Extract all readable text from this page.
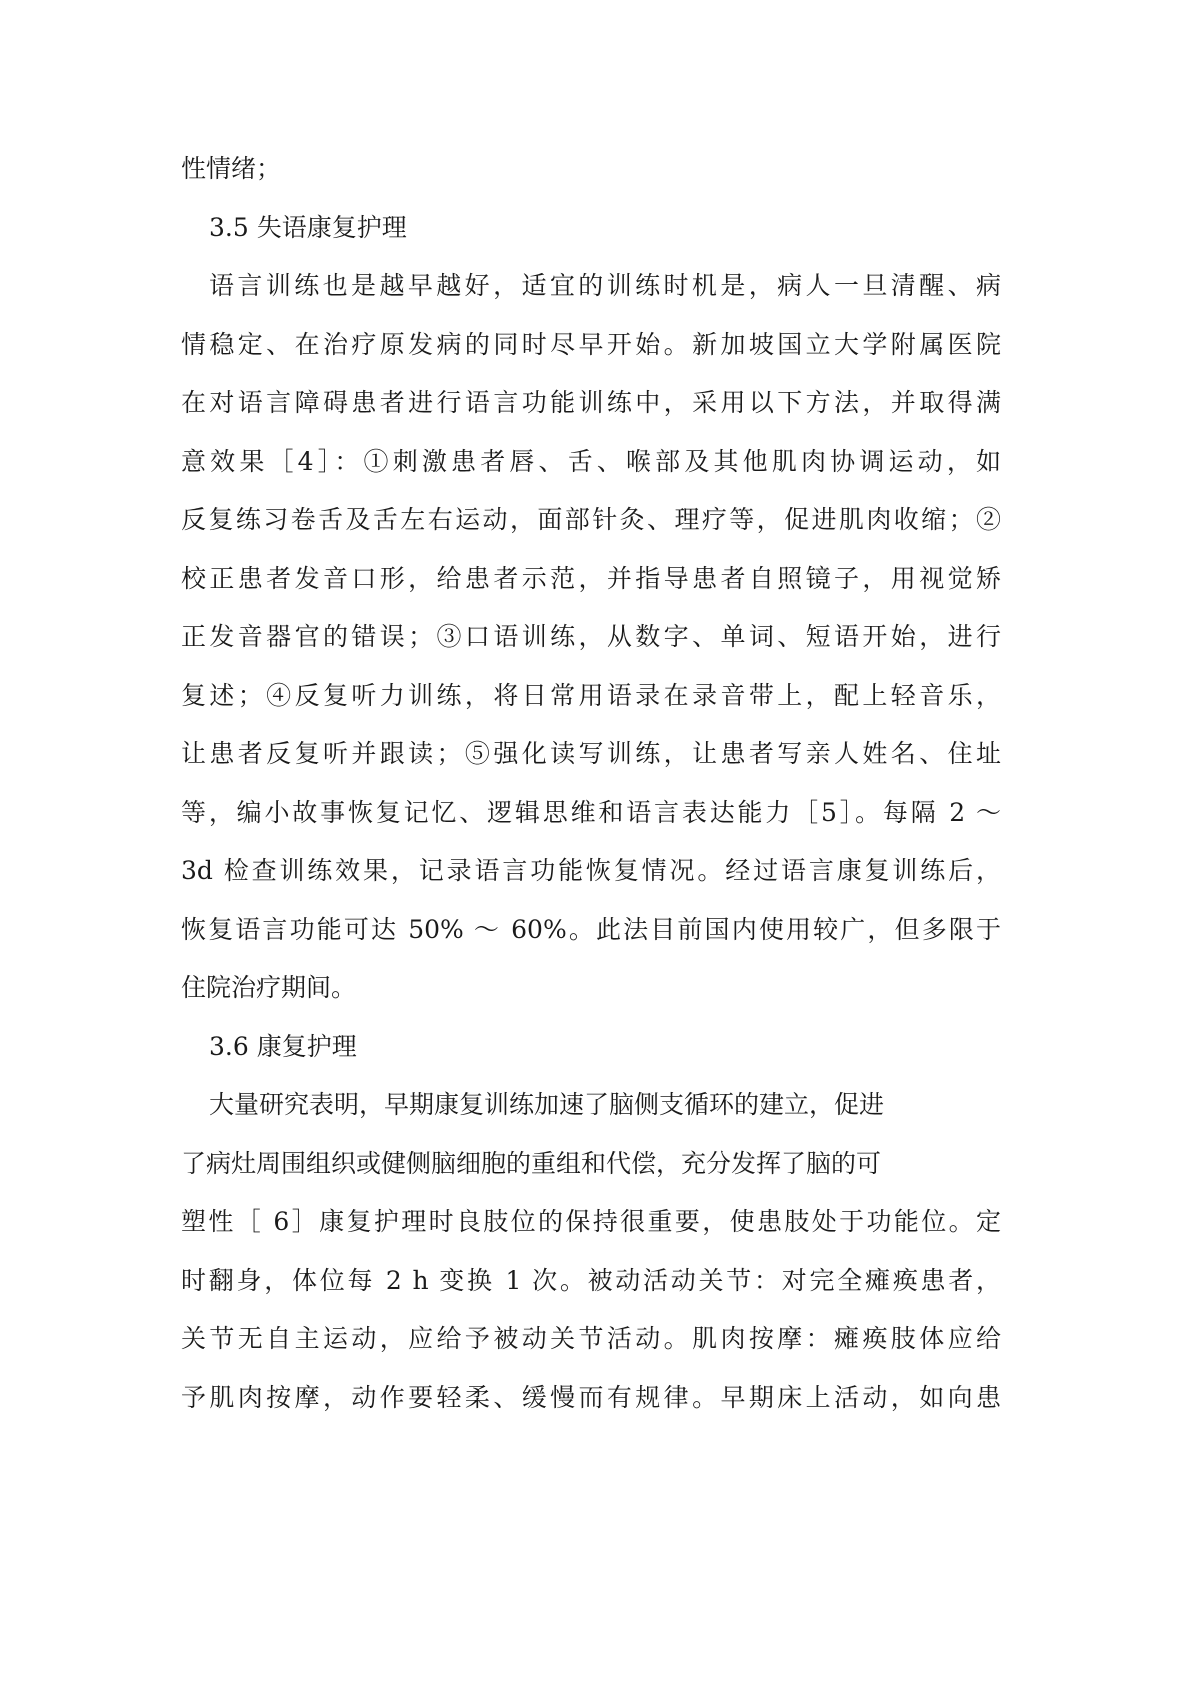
性情绪；
3.5 失语康复护理
语言训练也是越早越好，适宜的训练时机是，病人一旦清醒、病
情稳定、在治疗原发病的同时尽早开始。新加坡国立大学附属医院
在对语言障碍患者进行语言功能训练中，采用以下方法，并取得满
意效果［4］：①刺激患者唇、舌、喉部及其他肌肉协调运动，如
反复练习卷舌及舌左右运动，面部针灸、理疗等，促进肌肉收缩；②
校正患者发音口形，给患者示范，并指导患者自照镜子，用视觉矫
正发音器官的错误；③口语训练，从数字、单词、短语开始，进行
复述；④反复听力训练，将日常用语录在录音带上，配上轻音乐，
让患者反复听并跟读；⑤强化读写训练，让患者写亲人姓名、住址
等，编小故事恢复记忆、逻辑思维和语言表达能力［5］。每隔 2 ～
3d 检查训练效果，记录语言功能恢复情况。经过语言康复训练后，
恢复语言功能可达 50% ～ 60%。此法目前国内使用较广，但多限于
住院治疗期间。
3.6 康复护理
大量研究表明，早期康复训练加速了脑侧支循环的建立，促进
了病灶周围组织或健侧脑细胞的重组和代偿，充分发挥了脑的可
塑性［ 6］康复护理时良肢位的保持很重要，使患肢处于功能位。定
时翻身，体位每 2 h 变换 1 次。被动活动关节：对完全瘫痪患者，
关节无自主运动，应给予被动关节活动。肌肉按摩：瘫痪肢体应给
予肌肉按摩，动作要轻柔、缓慢而有规律。早期床上活动，如向患
